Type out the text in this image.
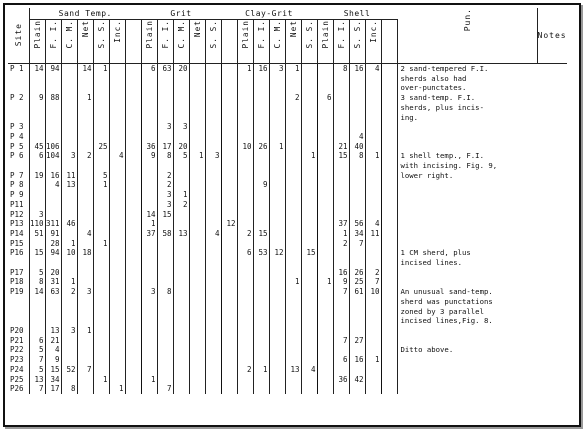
Site	Sand Temp.							Grit					Clay-Grit						Shell					Pun.	Notes
	Plain	F. I.	C. M.	Net	S. S.	Inc.		Plain	F. I.	C. M.	Net	S. S.		Plain	F. I.	C. M.	Net	S. S.	Plain	F. I.	S. S.	Inc.			
P 1	14	94		14	1			6	63	20				1	16	3	1			8	16	4		2 sand-tempered F.I.	
																								sherds also had	
																								over-punctates.	
P 2	9	88		1													2		6					3 sand-temp. F.I.	
																								sherds, plus incis-	
																								ing.	
P 3									3	3															
P 4																					4				
P 5	45	106			25			36	17	20				10	26	1				21	40				
P 6	6	104	3	2		4		9	8	5	1	3						1		15	8	1		1 shell temp., F.I.	
																								with incising. Fig. 9,	
P 7	19	16	11		5				2															lower right.	
P 8		4	13		1				2						9										
P 9									3	1															
P11									3	2															
P12	3							14	15																
P13	110	311	46					1					12							37	56	4			
P14	51	91		4				37	58	13		4		2	15					1	34	11			
P15		28	1		1															2	7				
P16	15	94	10	18										6	53	12		15						1 CM sherd, plus	
																								incised lines.	
P17	5	20																		16	26	2			
P18	8	31	1														1		1	9	25	7			
P19	14	63	2	3				3	8											7	61	10		An unusual sand-temp.	
																								sherd was punctations	
																								zoned by 3 parallel	
																								incised lines,Fig. 8.	
P20		13	3	1																					
P21	6	21																		7	27				
P22	5	4																						Ditto above.	
P23	7	9																		6	16	1			
P24	5	15	52	7										2	1		13	4							
P25	13	34			1			1												36	42				
P26	7	17	8			1			7																
